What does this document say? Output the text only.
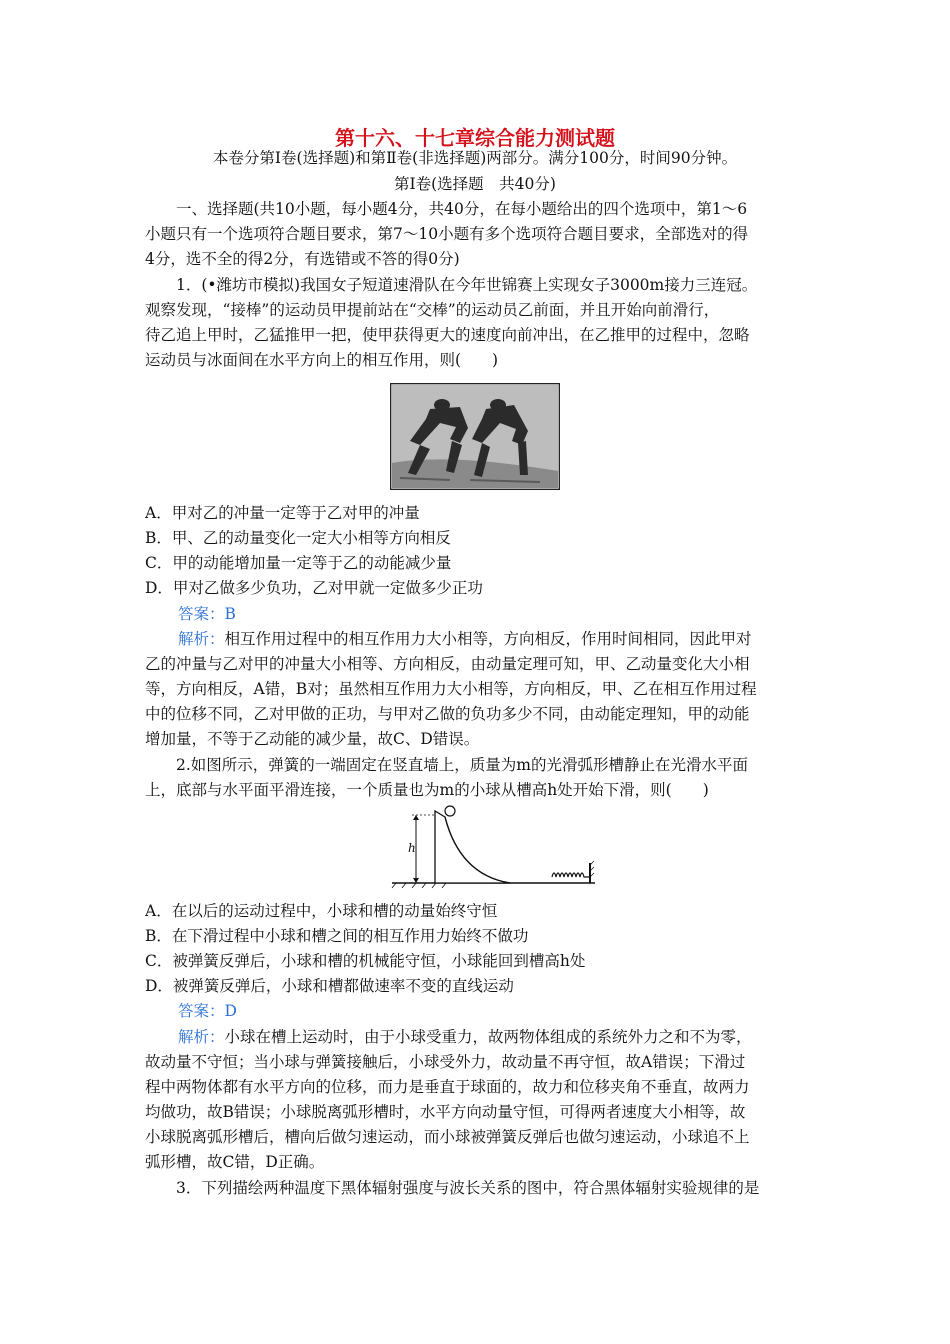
第十六、十七章综合能力测试题
本卷分第Ⅰ卷(选择题)和第Ⅱ卷(非选择题)两部分。满分100分，时间90分钟。
第Ⅰ卷(选择题　共40分)
　　一、选择题(共10小题，每小题4分，共40分，在每小题给出的四个选项中，第1～6
小题只有一个选项符合题目要求，第7～10小题有多个选项符合题目要求，全部选对的得
4分，选不全的得2分，有选错或不答的得0分)
　　1．(•潍坊市模拟)我国女子短道速滑队在今年世锦赛上实现女子3000m接力三连冠。
观察发现，“接棒”的运动员甲提前站在“交棒”的运动员乙前面，并且开始向前滑行，
待乙追上甲时，乙猛推甲一把，使甲获得更大的速度向前冲出，在乙推甲的过程中，忽略
运动员与冰面间在水平方向上的相互作用，则(　　)
A．甲对乙的冲量一定等于乙对甲的冲量
B．甲、乙的动量变化一定大小相等方向相反
C．甲的动能增加量一定等于乙的动能减少量
D．甲对乙做多少负功，乙对甲就一定做多少正功
答案：B
解析：相互作用过程中的相互作用力大小相等，方向相反，作用时间相同，因此甲对
乙的冲量与乙对甲的冲量大小相等、方向相反，由动量定理可知，甲、乙动量变化大小相
等，方向相反，A错，B对；虽然相互作用力大小相等，方向相反，甲、乙在相互作用过程
中的位移不同，乙对甲做的正功，与甲对乙做的负功多少不同，由动能定理知，甲的动能
增加量，不等于乙动能的减少量，故C、D错误。
　　2.如图所示，弹簧的一端固定在竖直墙上，质量为m的光滑弧形槽静止在光滑水平面
上，底部与水平面平滑连接，一个质量也为m的小球从槽高h处开始下滑，则(　　)
h
A．在以后的运动过程中，小球和槽的动量始终守恒
B．在下滑过程中小球和槽之间的相互作用力始终不做功
C．被弹簧反弹后，小球和槽的机械能守恒，小球能回到槽高h处
D．被弹簧反弹后，小球和槽都做速率不变的直线运动
答案：D
解析：小球在槽上运动时，由于小球受重力，故两物体组成的系统外力之和不为零，
故动量不守恒；当小球与弹簧接触后，小球受外力，故动量不再守恒，故A错误；下滑过
程中两物体都有水平方向的位移，而力是垂直于球面的，故力和位移夹角不垂直，故两力
均做功，故B错误；小球脱离弧形槽时，水平方向动量守恒，可得两者速度大小相等，故
小球脱离弧形槽后，槽向后做匀速运动，而小球被弹簧反弹后也做匀速运动，小球追不上
弧形槽，故C错，D正确。
　　3．下列描绘两种温度下黑体辐射强度与波长关系的图中，符合黑体辐射实验规律的是
